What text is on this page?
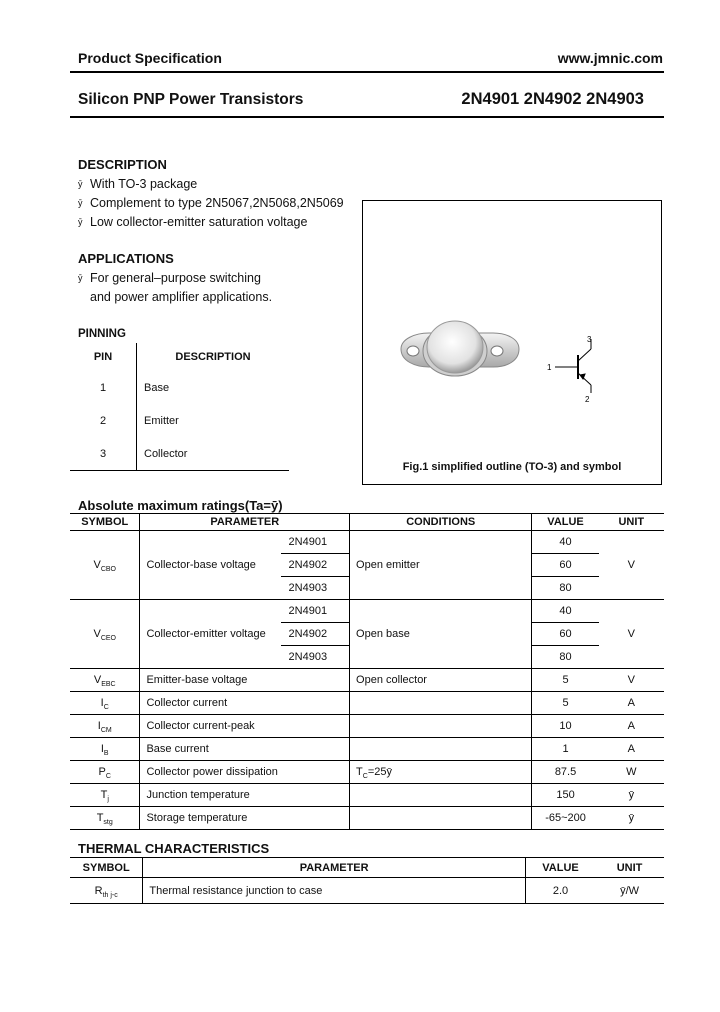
Product Specification	www.jmnic.com
Silicon PNP Power Transistors	2N4901 2N4902 2N4903
DESCRIPTION
ȳ With TO-3 package
ȳ Complement to type 2N5067,2N5068,2N5069
ȳ Low collector-emitter saturation voltage
APPLICATIONS
ȳ For general–purpose switching
and power amplifier applications.
PINNING
PIN	DESCRIPTION
1	Base
2	Emitter
3	Collector
1
2
3
Fig.1 simplified outline (TO-3) and symbol
Absolute maximum ratings(Ta=ȳ)
SYMBOL	PARAMETER		CONDITIONS	VALUE	UNIT
$V_{CBO}$	Collector-base voltage	2N4901	Open emitter	40	V
		2N4902		60	
		2N4903		80	
$V_{CEO}$	Collector-emitter voltage	2N4901	Open base	40	V
		2N4902		60	
		2N4903		80	
$V_{EBC}$	Emitter-base voltage		Open collector	5	V
$I_C$	Collector current			5	A
$I_{CM}$	Collector current-peak			10	A
$I_B$	Base current			1	A
$P_C$	Collector power dissipation		$T_C=25ȳ$	87.5	W
$T_j$	Junction temperature			150	ȳ
$T_{stg}$	Storage temperature			-65~200	ȳ
THERMAL CHARACTERISTICS
SYMBOL	PARAMETER	VALUE	UNIT
$R_{th j-c}$	Thermal resistance junction to case	2.0	ȳ/W
